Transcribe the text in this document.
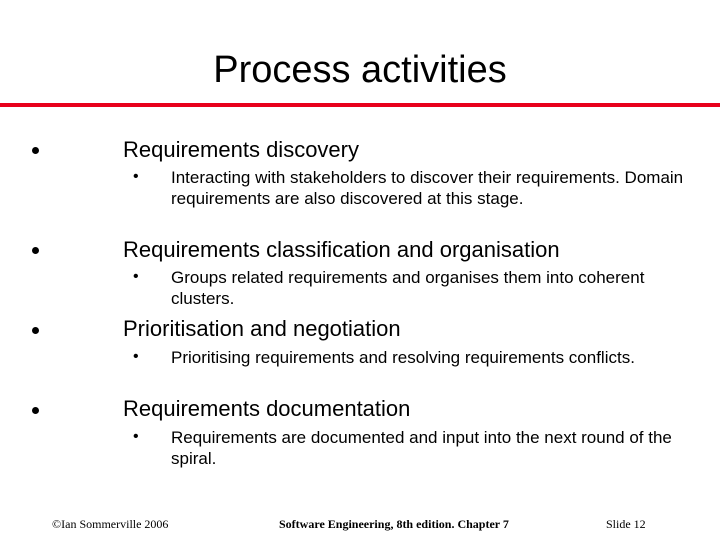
Process activities
Requirements discovery
• Interacting with stakeholders to discover their requirements. Domain requirements are also discovered at this stage.
Requirements classification and organisation
• Groups related requirements and organises them into coherent clusters.
Prioritisation and negotiation
• Prioritising requirements and resolving requirements conflicts.
Requirements documentation
• Requirements are documented and input into the next round of the spiral.
©Ian Sommerville 2006	Software Engineering, 8th edition. Chapter 7	Slide 12
